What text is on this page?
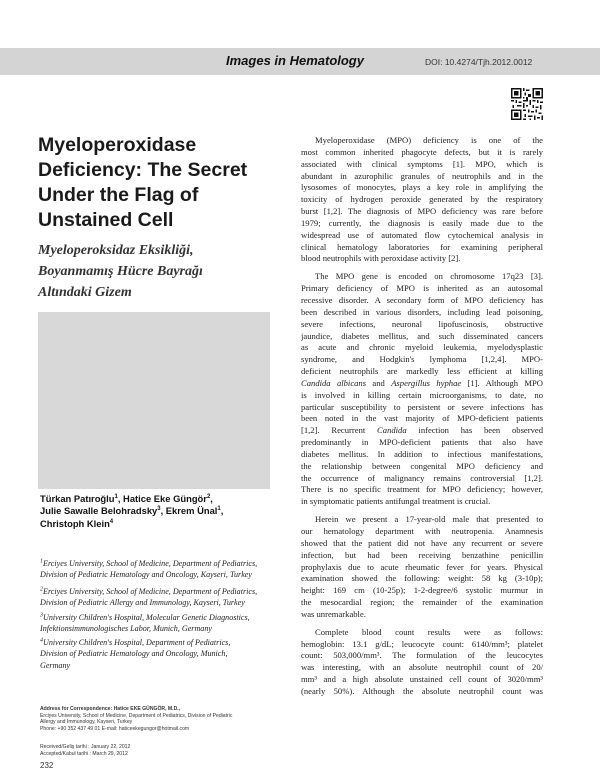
Images in Hematology	DOI: 10.4274/Tjh.2012.0012
Myeloperoxidase
Deficiency: The Secret
Under the Flag of
Unstained Cell
Myeloperoksidaz Eksikliği,
Boyanmamış Hücre Bayrağı
Altındaki Gizem
Türkan Patıroğlu$^1$, Hatice Eke Güngör$^2$,
Julie Sawalle Belohradsky$^3$, Ekrem Ünal$^1$,
Christoph Klein$^4$
$^1$Erciyes University, School of Medicine, Department of Pediatrics,
Division of Pediatric Hematology and Oncology, Kayseri, Turkey
$^2$Erciyes University, School of Medicine, Department of Pediatrics,
Division of Pediatric Allergy and Immunology, Kayseri, Turkey
$^3$University Children's Hospital, Molecular Genetic Diagnostics,
Infektionsimmunologisches Labor, Munich, Germany
$^4$University Children's Hospital, Department of Pediatrics,
Division of Pediatric Hematology and Oncology, Munich,
Germany
Address for Correspondence: Hatice EKE GÜNGÖR, M.D.,
Erciyes University, School of Medicine, Department of Pediatrics, Division of Pediatric
Allergy and Immunology, Kayseri, Turkey
Phone: +90 352 437 49 01 E-mail: haticeekegungor@hotmail.com
Received/Geliş tarihi : January 22, 2012
Accepted/Kabul tarihi : March 29, 2012
232
Myeloperoxidase (MPO) deficiency is one of the
most common inherited phagocyte defects, but it is rarely
associated with clinical symptoms [1]. MPO, which is
abundant in azurophilic granules of neutrophils and in the
lysosomes of monocytes, plays a key role in amplifying the
toxicity of hydrogen peroxide generated by the respiratory
burst [1,2]. The diagnosis of MPO deficiency was rare before
1979; currently, the diagnosis is easily made due to the
widespread use of automated flow cytochemical analysis in
clinical hematology laboratories for examining peripheral
blood neutrophils with peroxidase activity [2].
The MPO gene is encoded on chromosome 17q23 [3].
Primary deficiency of MPO is inherited as an autosomal
recessive disorder. A secondary form of MPO deficiency has
been described in various disorders, including lead poisoning,
severe infections, neuronal lipofuscinosis, obstructive
jaundice, diabetes mellitus, and such disseminated cancers
as acute and chronic myeloid leukemia, myelodysplastic
syndrome, and Hodgkin's lymphoma [1,2,4]. MPO-
deficient neutrophils are markedly less efficient at killing
Candida albicans and Aspergillus hyphae [1]. Although MPO
is involved in killing certain microorganisms, to date, no
particular susceptibility to persistent or severe infections has
been noted in the vast majority of MPO-deficient patients
[1,2]. Recurrent Candida infection has been observed
predominantly in MPO-deficient patients that also have
diabetes mellitus. In addition to infectious manifestations,
the relationship between congenital MPO deficiency and
the occurrence of malignancy remains controversial [1,2].
There is no specific treatment for MPO deficiency; however,
in symptomatic patients antifungal treatment is crucial.
Herein we present a 17-year-old male that presented to
our hematology department with neutropenia. Anamnesis
showed that the patient did not have any recurrent or severe
infection, but had been receiving benzathine penicillin
prophylaxis due to acute rheumatic fever for years. Physical
examination showed the following: weight: 58 kg (3-10p);
height: 169 cm (10-25p); 1-2-degree/6 systolic murmur in
the mesocardial region; the remainder of the examination
was unremarkable.
Complete blood count results were as follows:
hemoglobin: 13.1 g/dL; leucocyte count: 6140/mm³; platelet
count: 503,000/mm³. The formulation of the leucocytes
was interesting, with an absolute neutrophil count of 20/
mm³ and a high absolute unstained cell count of 3020/mm³
(nearly 50%). Although the absolute neutrophil count was
